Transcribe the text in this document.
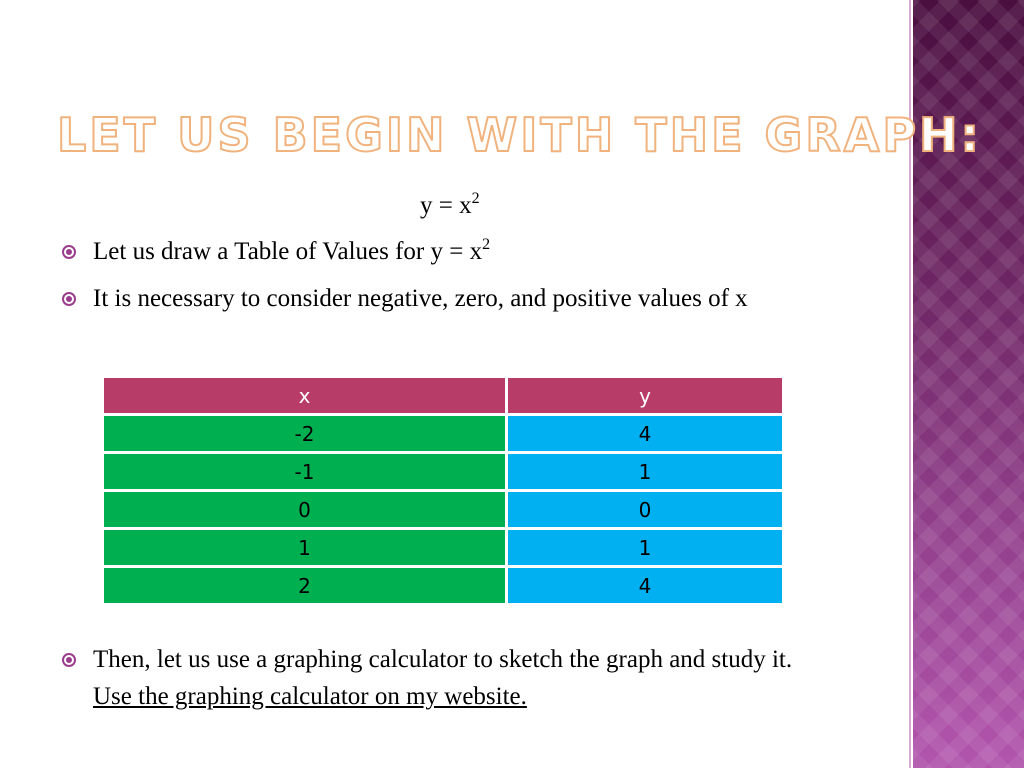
LET US BEGIN WITH THE GRAPH:
$y = x^2$
Let us draw a Table of Values for $y = x^2$
It is necessary to consider negative, zero, and positive values of x
x	y
-2	4
-1	1
0	0
1	1
2	4
Then, let us use a graphing calculator to sketch the graph and study it. Use the graphing calculator on my website.
